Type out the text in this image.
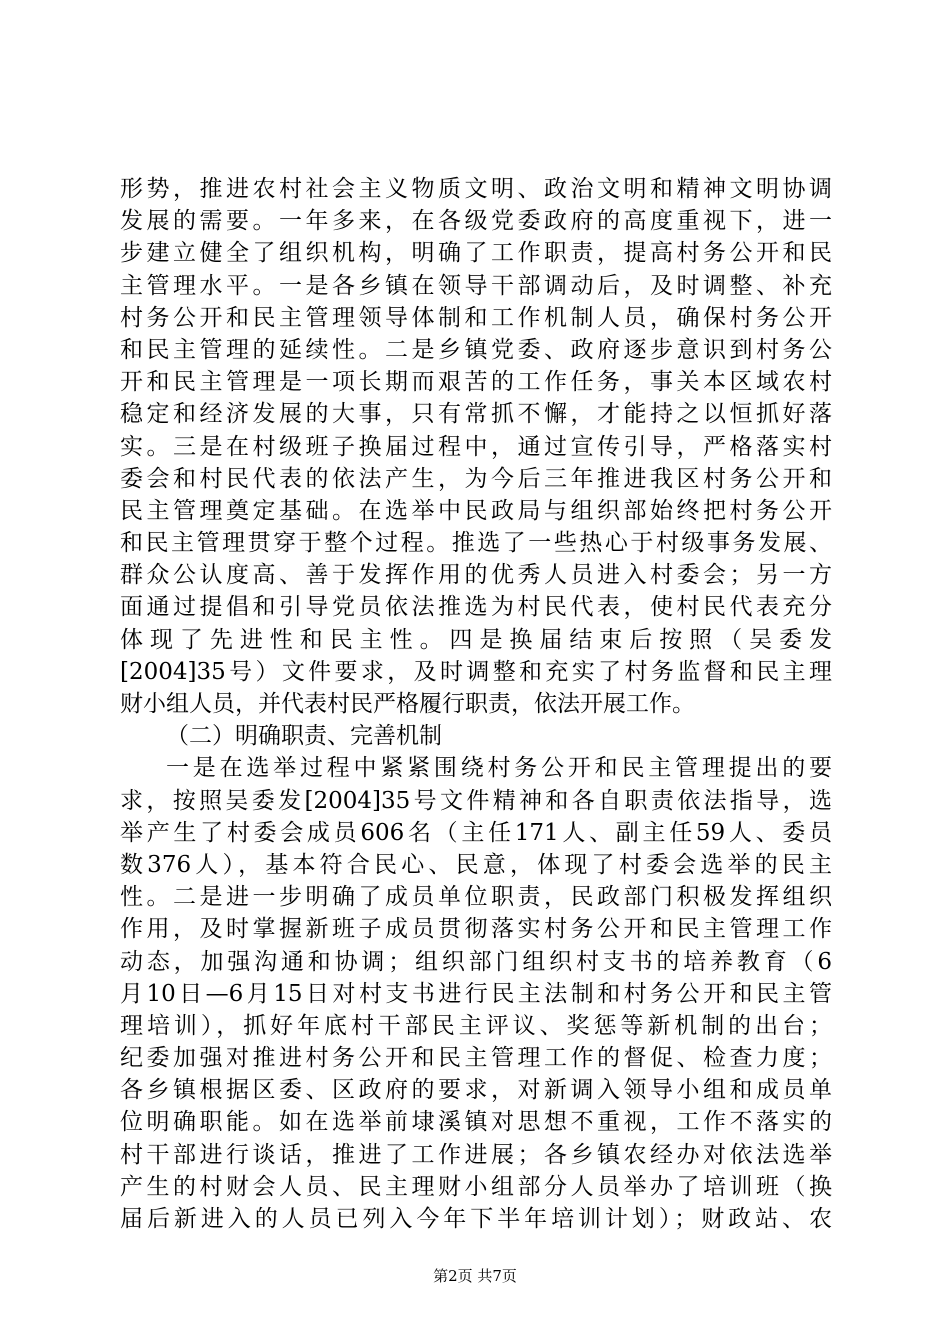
形势，推进农村社会主义物质文明、政治文明和精神文明协调
发展的需要。一年多来，在各级党委政府的高度重视下，进一
步建立健全了组织机构，明确了工作职责，提高村务公开和民
主管理水平。一是各乡镇在领导干部调动后，及时调整、补充
村务公开和民主管理领导体制和工作机制人员，确保村务公开
和民主管理的延续性。二是乡镇党委、政府逐步意识到村务公
开和民主管理是一项长期而艰苦的工作任务，事关本区域农村
稳定和经济发展的大事，只有常抓不懈，才能持之以恒抓好落
实。三是在村级班子换届过程中，通过宣传引导，严格落实村
委会和村民代表的依法产生，为今后三年推进我区村务公开和
民主管理奠定基础。在选举中民政局与组织部始终把村务公开
和民主管理贯穿于整个过程。推选了一些热心于村级事务发展、
群众公认度高、善于发挥作用的优秀人员进入村委会；另一方
面通过提倡和引导党员依法推选为村民代表，使村民代表充分
体现了先进性和民主性。四是换届结束后按照（吴委发
[2004]35号）文件要求，及时调整和充实了村务监督和民主理
财小组人员，并代表村民严格履行职责，依法开展工作。
（二）明确职责、完善机制
一是在选举过程中紧紧围绕村务公开和民主管理提出的要
求，按照吴委发[2004]35号文件精神和各自职责依法指导，选
举产生了村委会成员606名（主任171人、副主任59人、委员
数376人），基本符合民心、民意，体现了村委会选举的民主
性。二是进一步明确了成员单位职责，民政部门积极发挥组织
作用，及时掌握新班子成员贯彻落实村务公开和民主管理工作
动态，加强沟通和协调；组织部门组织村支书的培养教育（6
月10日—6月15日对村支书进行民主法制和村务公开和民主管
理培训），抓好年底村干部民主评议、奖惩等新机制的出台；
纪委加强对推进村务公开和民主管理工作的督促、检查力度；
各乡镇根据区委、区政府的要求，对新调入领导小组和成员单
位明确职能。如在选举前埭溪镇对思想不重视，工作不落实的
村干部进行谈话，推进了工作进展；各乡镇农经办对依法选举
产生的村财会人员、民主理财小组部分人员举办了培训班（换
届后新进入的人员已列入今年下半年培训计划）；财政站、农
第2页 共7页
